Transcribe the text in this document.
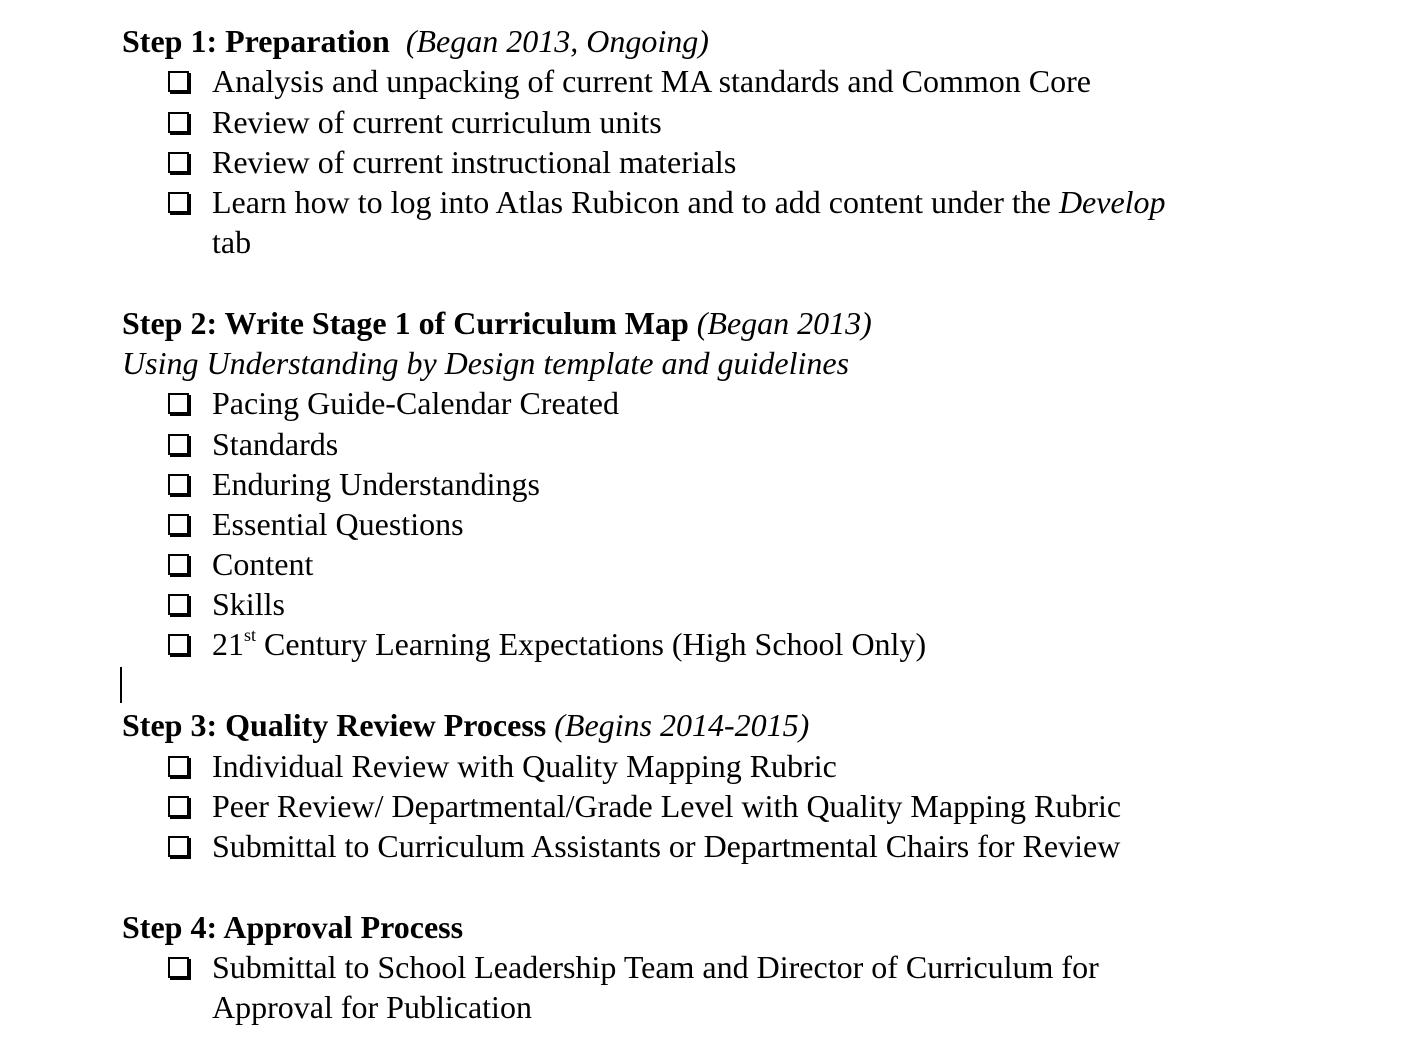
Step 1: Preparation (Began 2013, Ongoing)
Analysis and unpacking of current MA standards and Common Core
Review of current curriculum units
Review of current instructional materials
Learn how to log into Atlas Rubicon and to add content under the Develop
tab
Step 2: Write Stage 1 of Curriculum Map (Began 2013)
Using Understanding by Design template and guidelines
Pacing Guide-Calendar Created
Standards
Enduring Understandings
Essential Questions
Content
Skills
21st Century Learning Expectations (High School Only)
Step 3: Quality Review Process (Begins 2014-2015)
Individual Review with Quality Mapping Rubric
Peer Review/ Departmental/Grade Level with Quality Mapping Rubric
Submittal to Curriculum Assistants or Departmental Chairs for Review
Step 4: Approval Process
Submittal to School Leadership Team and Director of Curriculum for
Approval for Publication
